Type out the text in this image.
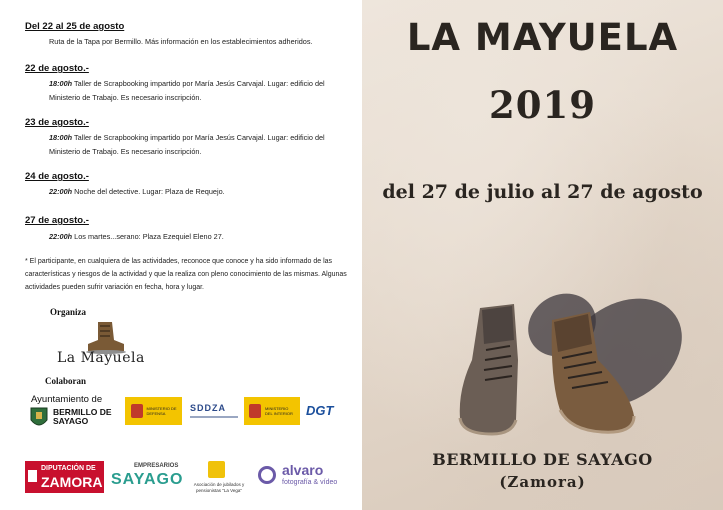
Del 22 al 25 de agosto
Ruta de la Tapa por Bermillo. Más información en los establecimientos adheridos.
22 de agosto.-
18:00h Taller de Scrapbooking impartido por María Jesús Carvajal. Lugar: edificio del Ministerio de Trabajo. Es necesario inscripción.
23 de agosto.-
18:00h Taller de Scrapbooking impartido por María Jesús Carvajal. Lugar: edificio del Ministerio de Trabajo. Es necesario inscripción.
24 de agosto.-
22:00h Noche del detective. Lugar: Plaza de Requejo.
27 de agosto.-
22:00h Los martes...serano: Plaza Ezequiel Eleno 27.
* El participante, en cualquiera de las actividades, reconoce que conoce y ha sido informado de las características y riesgos de la actividad y que la realiza con pleno conocimiento de las mismas. Algunas actividades pueden sufrir variación en fecha, hora y lugar.
Organiza
La Mayuela
Colaboran
Ayuntamiento de
BERMILLO DE SAYAGO
MINISTERIO DE DEFENSA
SDDZA	MINISTERIO DEL INTERIOR DGT
DIPUTACIÓN DE
ZAMORA
EMPRESARIOS
SAYAGO	Asociación de jubilados y pensionistas "La Vega"
alvaro
fotografía & vídeo
LA MAYUELA
2019
del 27 de julio al 27 de agosto
BERMILLO DE SAYAGO
(Zamora)
